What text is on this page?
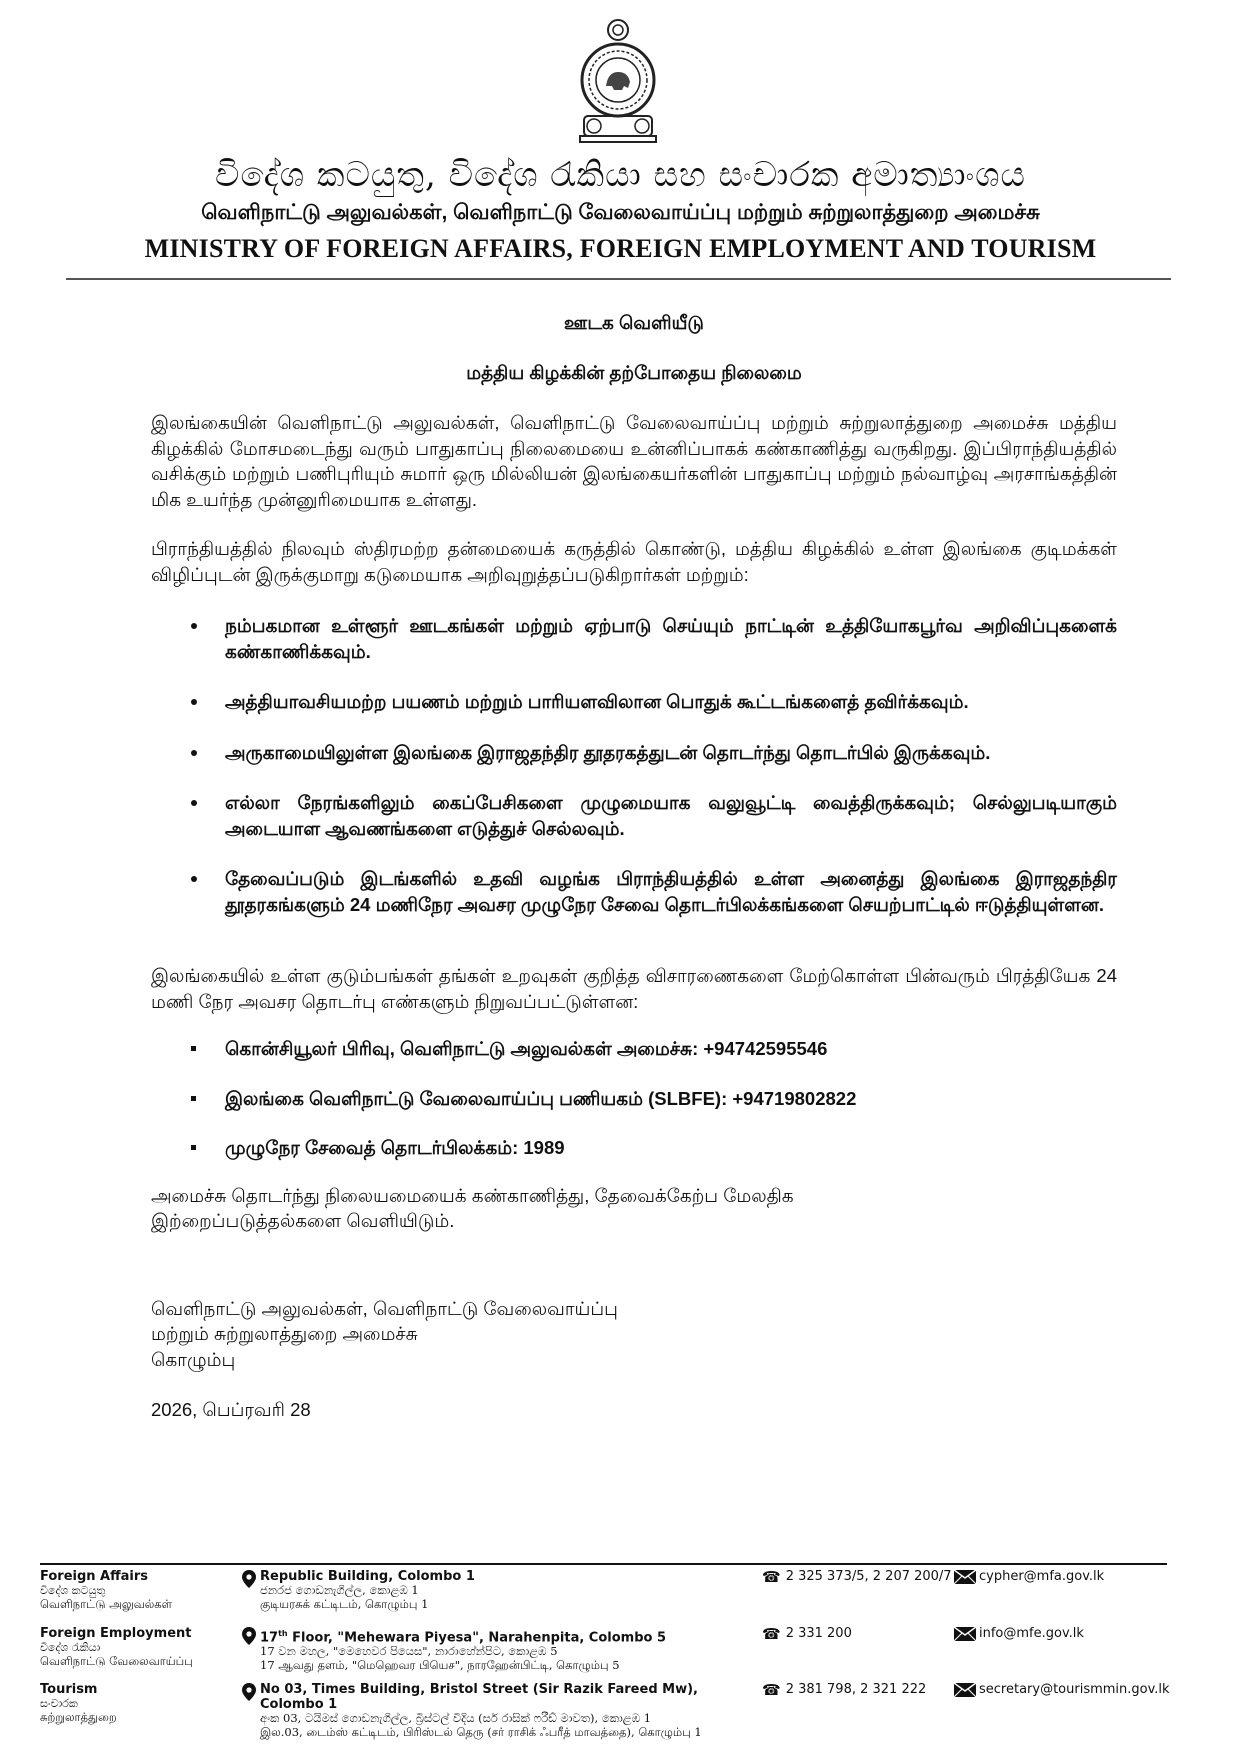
විදේශ කටයුතු, විදේශ රැකියා සහ සංචාරක අමාත්‍යාංශය
வெளிநாட்டு அலுவல்கள், வெளிநாட்டு வேலைவாய்ப்பு மற்றும் சுற்றுலாத்துறை அமைச்சு
MINISTRY OF FOREIGN AFFAIRS, FOREIGN EMPLOYMENT AND TOURISM
ஊடக வெளியீடு
மத்திய கிழக்கின் தற்போதைய நிலைமை

இலங்கையின் வெளிநாட்டு அலுவல்கள், வெளிநாட்டு வேலைவாய்ப்பு மற்றும் சுற்றுலாத்துறை அமைச்சு மத்திய கிழக்கில் மோசமடைந்து வரும் பாதுகாப்பு நிலைமையை உன்னிப்பாகக் கண்காணித்து வருகிறது. இப்பிராந்தியத்தில் வசிக்கும் மற்றும் பணிபுரியும் சுமார் ஒரு மில்லியன் இலங்கையர்களின் பாதுகாப்பு மற்றும் நல்வாழ்வு அரசாங்கத்தின் மிக உயர்ந்த முன்னுரிமையாக உள்ளது.

பிராந்தியத்தில் நிலவும் ஸ்திரமற்ற தன்மையைக் கருத்தில் கொண்டு, மத்திய கிழக்கில் உள்ள இலங்கை குடிமக்கள் விழிப்புடன் இருக்குமாறு கடுமையாக அறிவுறுத்தப்படுகிறார்கள் மற்றும்:

நம்பகமான உள்ளூர் ஊடகங்கள் மற்றும் ஏற்பாடு செய்யும் நாட்டின் உத்தியோகபூர்வ அறிவிப்புகளைக் கண்காணிக்கவும்.
அத்தியாவசியமற்ற பயணம் மற்றும் பாரியளவிலான பொதுக் கூட்டங்களைத் தவிர்க்கவும்.
அருகாமையிலுள்ள இலங்கை இராஜதந்திர தூதரகத்துடன் தொடர்ந்து தொடர்பில் இருக்கவும்.
எல்லா நேரங்களிலும் கைப்பேசிகளை முழுமையாக வலுவூட்டி வைத்திருக்கவும்; செல்லுபடியாகும் அடையாள ஆவணங்களை எடுத்துச் செல்லவும்.
தேவைப்படும் இடங்களில் உதவி வழங்க பிராந்தியத்தில் உள்ள அனைத்து இலங்கை இராஜதந்திர தூதரகங்களும் 24 மணிநேர அவசர முழுநேர சேவை தொடர்பிலக்கங்களை செயற்பாட்டில் ஈடுத்தியுள்ளன.

இலங்கையில் உள்ள குடும்பங்கள் தங்கள் உறவுகள் குறித்த விசாரணைகளை மேற்கொள்ள பின்வரும் பிரத்தியேக 24 மணி நேர அவசர தொடர்பு எண்களும் நிறுவப்பட்டுள்ளன:

கொன்சியூலர் பிரிவு, வெளிநாட்டு அலுவல்கள் அமைச்சு: +94742595546
இலங்கை வெளிநாட்டு வேலைவாய்ப்பு பணியகம் (SLBFE): +94719802822
முழுநேர சேவைத் தொடர்பிலக்கம்: 1989
அமைச்சு தொடர்ந்து நிலையமையைக் கண்காணித்து, தேவைக்கேற்ப மேலதிக
இற்றைப்படுத்தல்களை வெளியிடும்.
வெளிநாட்டு அலுவல்கள், வெளிநாட்டு வேலைவாய்ப்பு
மற்றும் சுற்றுலாத்துறை அமைச்சு
கொழும்பு
2026, பெப்ரவரி 28
Foreign Affairs
විදේශ කටයුතු
வெளிநாட்டு அலுவல்கள்
Republic Building, Colombo 1
ජනරජ ගොඩනැගිල්ල, කොළඹ 1
குடியரசுக் கட்டிடம், கொழும்பு 1
☎ 2 325 373/5, 2 207 200/7 cypher@mfa.gov.lk
Foreign Employment
විදේශ රැකියා
வெளிநாட்டு வேலைவாய்ப்பு
17th Floor, "Mehewara Piyesa", Narahenpita, Colombo 5
17 වන මහල, "මෙහෙවර පියෙස", නාරාහේන්පිට, කොළඹ 5
17 ஆவது தளம், "மெஹெவர பியெச", நாரஹேன்பிட்டி, கொழும்பு 5
☎ 2 331 200	info@mfe.gov.lk
Tourism
සංචාරක
சுற்றுலாத்துறை
No 03, Times Building, Bristol Street (Sir Razik Fareed Mw), Colombo 1
අංක 03, ටයිමස් ගොඩනැගිල්ල, බ්‍රිස්ටල් විදිය (සර් රාසික් ෆරීඩ් මාවත), කොළඹ 1
இல.03, டைம்ஸ் கட்டிடம், பிரிஸ்டல் தெரு (சர் ராசிக் ஃபரீத் மாவத்தை), கொழும்பு 1
☎ 2 381 798, 2 321 222	secretary@tourismmin.gov.lk
